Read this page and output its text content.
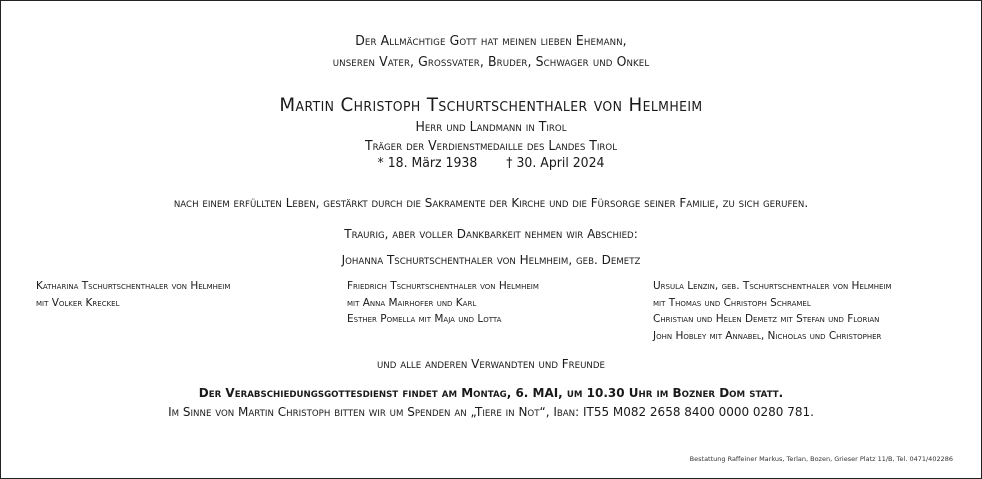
Der Allmächtige Gott hat meinen lieben Ehemann,
unseren Vater, Grossvater, Bruder, Schwager und Onkel
Martin Christoph Tschurtschenthaler von Helmheim
Herr und Landmann in Tirol
Träger der Verdienstmedaille des Landes Tirol
* 18. März 1938 † 30. April 2024
nach einem erfüllten Leben, gestärkt durch die Sakramente der Kirche und die Fürsorge seiner Familie, zu sich gerufen.
Traurig, aber voller Dankbarkeit nehmen wir Abschied:
Johanna Tschurtschenthaler von Helmheim, geb. Demetz
Katharina Tschurtschenthaler von Helmheim
mit Volker Kreckel
Friedrich Tschurtschenthaler von Helmheim
mit Anna Mairhofer und Karl
Esther Pomella mit Maja und Lotta
Ursula Lenzin, geb. Tschurtschenthaler von Helmheim
mit Thomas und Christoph Schramel
Christian und Helen Demetz mit Stefan und Florian
John Hobley mit Annabel, Nicholas und Christopher
und alle anderen Verwandten und Freunde
Der Verabschiedungsgottesdienst findet am Montag, 6. MAI, um 10.30 Uhr im Bozner Dom statt.
Im Sinne von Martin Christoph bitten wir um Spenden an „Tiere in Not“, Iban: IT55 M082 2658 8400 0000 0280 781.
Bestattung Raffeiner Markus, Terlan, Bozen, Grieser Platz 11/B, Tel. 0471/402286
